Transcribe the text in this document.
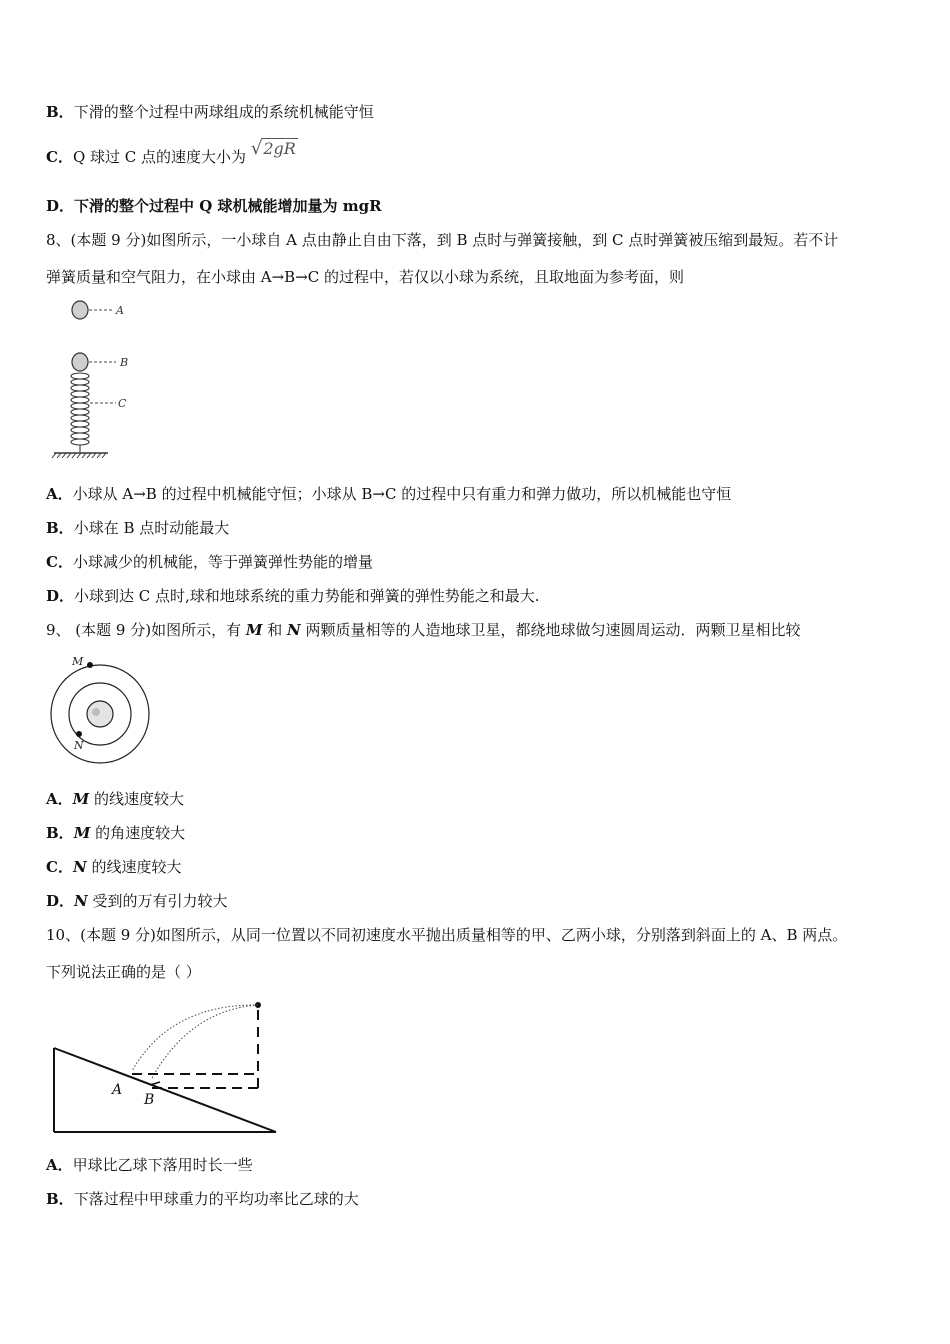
B．下滑的整个过程中两球组成的系统机械能守恒
C．Q 球过 C 点的速度大小为 √2gR
D．下滑的整个过程中 Q 球机械能增加量为 mgR
8、(本题 9 分)如图所示，一小球自 A 点由静止自由下落，到 B 点时与弹簧接触，到 C 点时弹簧被压缩到最短。若不计
弹簧质量和空气阻力，在小球由 A→B→C 的过程中，若仅以小球为系统，且取地面为参考面，则
A
B
C
A．小球从 A→B 的过程中机械能守恒；小球从 B→C 的过程中只有重力和弹力做功，所以机械能也守恒
B．小球在 B 点时动能最大
C．小球减少的机械能，等于弹簧弹性势能的增量
D．小球到达 C 点时,球和地球系统的重力势能和弹簧的弹性势能之和最大.
9、 (本题 9 分)如图所示，有 M 和 N 两颗质量相等的人造地球卫星，都绕地球做匀速圆周运动．两颗卫星相比较
M
N
A．M 的线速度较大
B．M 的角速度较大
C．N 的线速度较大
D．N 受到的万有引力较大
10、(本题 9 分)如图所示，从同一位置以不同初速度水平抛出质量相等的甲、乙两小球，分别落到斜面上的 A、B 两点。
下列说法正确的是（ ）
A
B
A．甲球比乙球下落用时长一些
B．下落过程中甲球重力的平均功率比乙球的大
